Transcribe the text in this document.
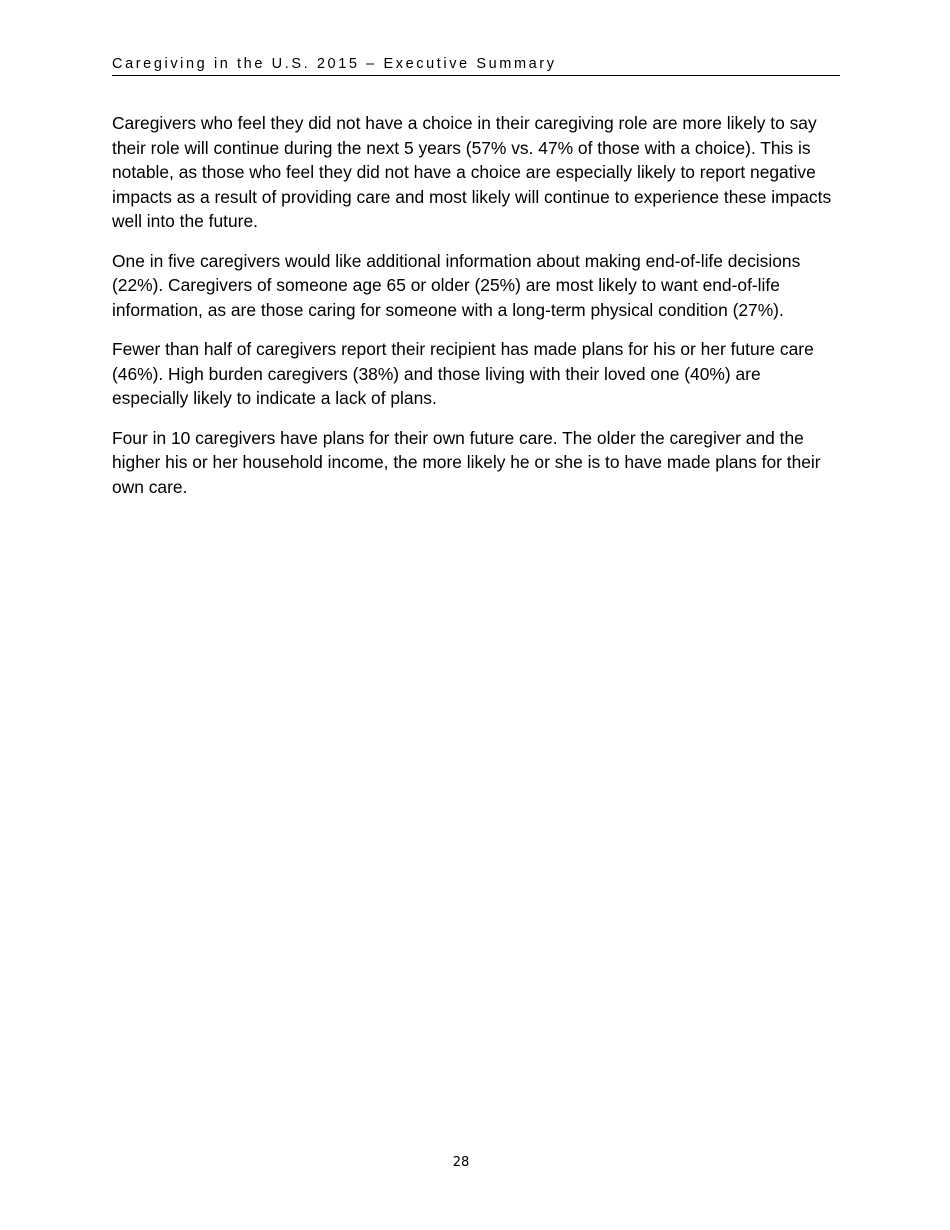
Caregiving in the U.S. 2015 – Executive Summary

Caregivers who feel they did not have a choice in their caregiving role are more likely to say their role will continue during the next 5 years (57% vs. 47% of those with a choice). This is notable, as those who feel they did not have a choice are especially likely to report negative impacts as a result of providing care and most likely will continue to experience these impacts well into the future.

One in five caregivers would like additional information about making end-of-life decisions (22%). Caregivers of someone age 65 or older (25%) are most likely to want end-of-life information, as are those caring for someone with a long-term physical condition (27%).

Fewer than half of caregivers report their recipient has made plans for his or her future care (46%). High burden caregivers (38%) and those living with their loved one (40%) are especially likely to indicate a lack of plans.

Four in 10 caregivers have plans for their own future care. The older the caregiver and the higher his or her household income, the more likely he or she is to have made plans for their own care.

28
